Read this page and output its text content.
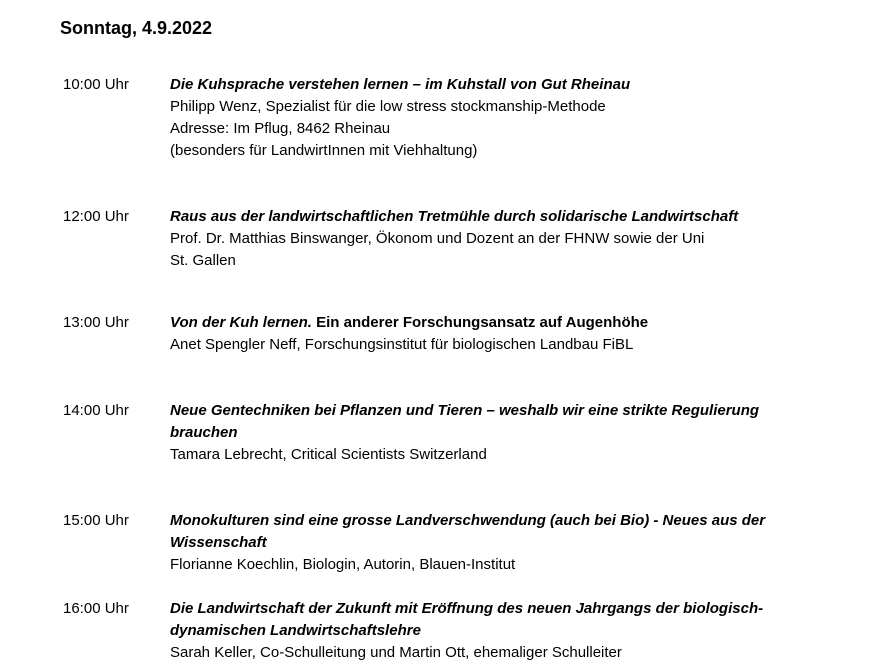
Sonntag, 4.9.2022
10:00 Uhr	Die Kuhsprache verstehen lernen – im Kuhstall von Gut Rheinau
Philipp Wenz, Spezialist für die low stress stockmanship-Methode
Adresse: Im Pflug, 8462 Rheinau
(besonders für LandwirtInnen mit Viehhaltung)
12:00 Uhr	Raus aus der landwirtschaftlichen Tretmühle durch solidarische Landwirtschaft
Prof. Dr. Matthias Binswanger, Ökonom und Dozent an der FHNW sowie der Uni
St. Gallen
13:00 Uhr	Von der Kuh lernen. Ein anderer Forschungsansatz auf Augenhöhe
Anet Spengler Neff, Forschungsinstitut für biologischen Landbau FiBL
14:00 Uhr	Neue Gentechniken bei Pflanzen und Tieren – weshalb wir eine strikte Regulierung
brauchen
Tamara Lebrecht, Critical Scientists Switzerland
15:00 Uhr	Monokulturen sind eine grosse Landverschwendung (auch bei Bio) - Neues aus der
Wissenschaft
Florianne Koechlin, Biologin, Autorin, Blauen-Institut
16:00 Uhr	Die Landwirtschaft der Zukunft mit Eröffnung des neuen Jahrgangs der biologisch-
dynamischen Landwirtschaftslehre
Sarah Keller, Co-Schulleitung und Martin Ott, ehemaliger Schulleiter
